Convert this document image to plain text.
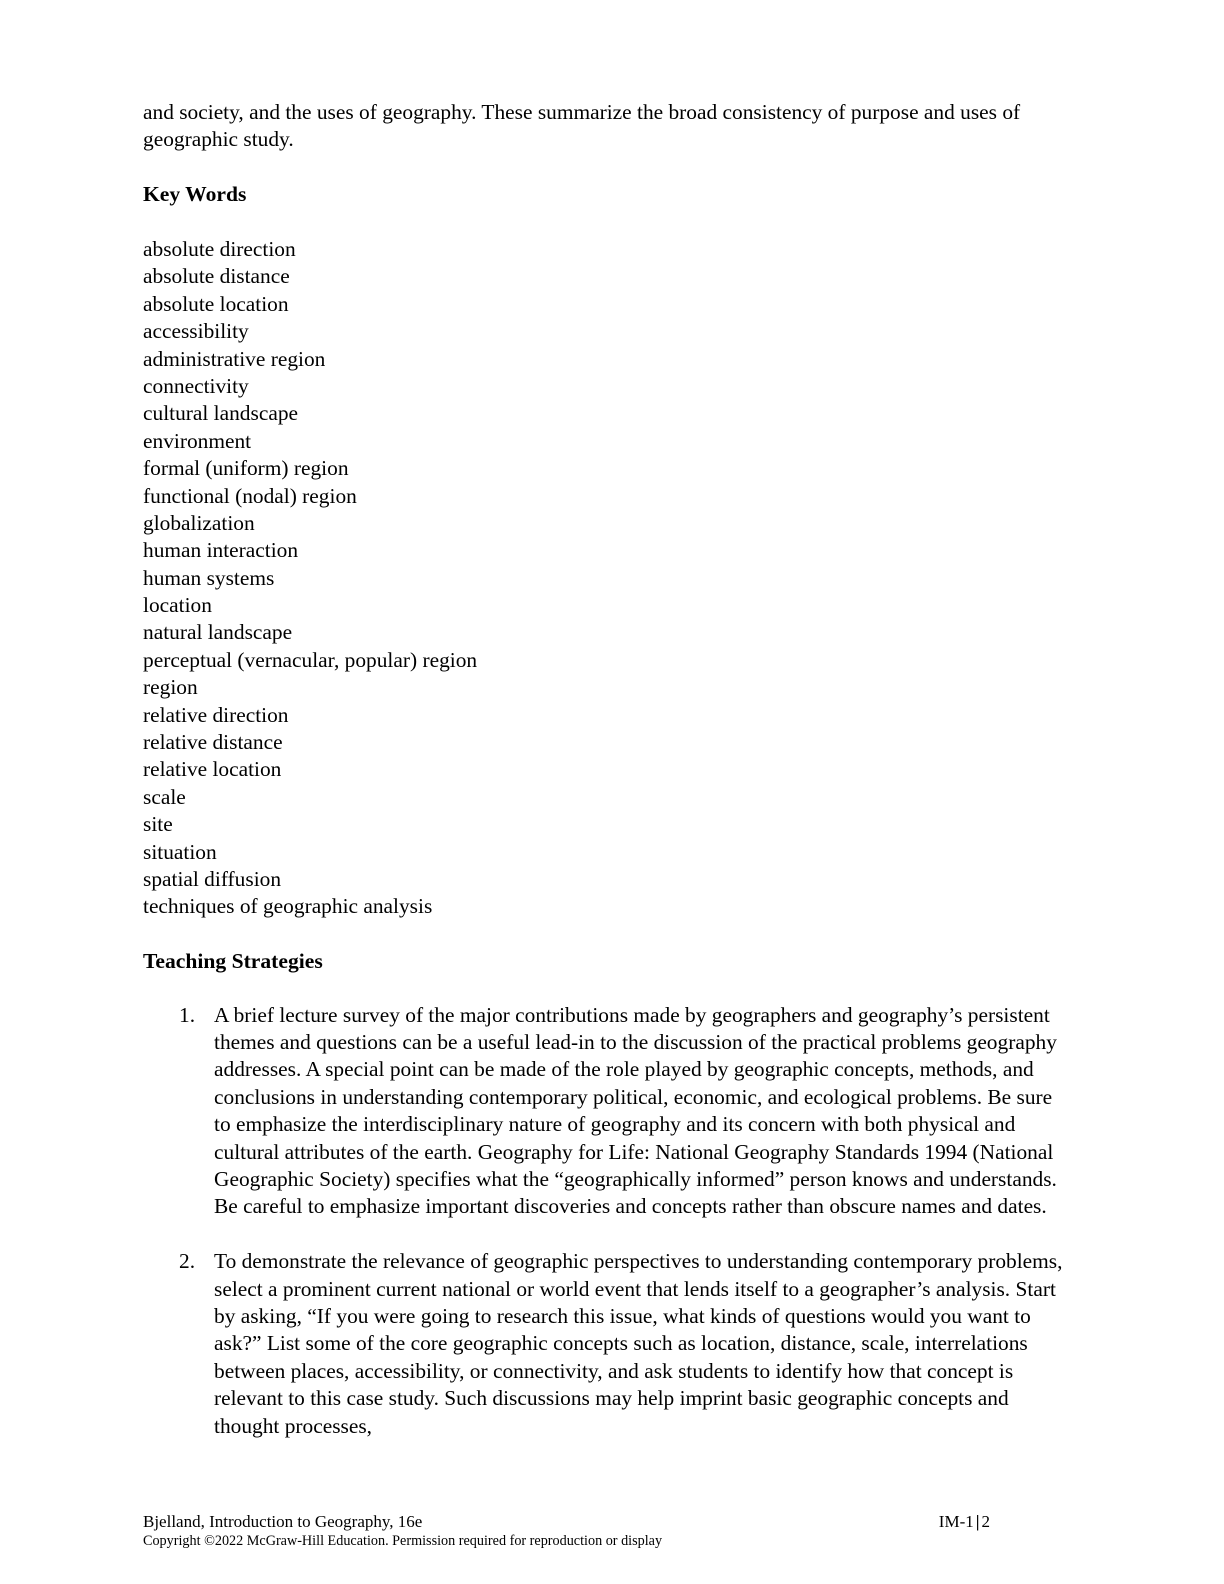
and society, and the uses of geography. These summarize the broad consistency of purpose and uses of geographic study.

Key Words
absolute direction
absolute distance
absolute location
accessibility
administrative region
connectivity
cultural landscape
environment
formal (uniform) region
functional (nodal) region
globalization
human interaction
human systems
location
natural landscape
perceptual (vernacular, popular) region
region
relative direction
relative distance
relative location
scale
site
situation
spatial diffusion
techniques of geographic analysis
Teaching Strategies
1. A brief lecture survey of the major contributions made by geographers and geography’s persistent themes and questions can be a useful lead-in to the discussion of the practical problems geography addresses. A special point can be made of the role played by geographic concepts, methods, and conclusions in understanding contemporary political, economic, and ecological problems. Be sure to emphasize the interdisciplinary nature of geography and its concern with both physical and cultural attributes of the earth. Geography for Life: National Geography Standards 1994 (National Geographic Society) specifies what the “geographically informed” person knows and understands. Be careful to emphasize important discoveries and concepts rather than obscure names and dates.
2. To demonstrate the relevance of geographic perspectives to understanding contemporary problems, select a prominent current national or world event that lends itself to a geographer’s analysis. Start by asking, “If you were going to research this issue, what kinds of questions would you want to ask?” List some of the core geographic concepts such as location, distance, scale, interrelations between places, accessibility, or connectivity, and ask students to identify how that concept is relevant to this case study. Such discussions may help imprint basic geographic concepts and thought processes,
Bjelland, Introduction to Geography, 16e	IM-1 | 2
Copyright ©2022 McGraw-Hill Education. Permission required for reproduction or display
